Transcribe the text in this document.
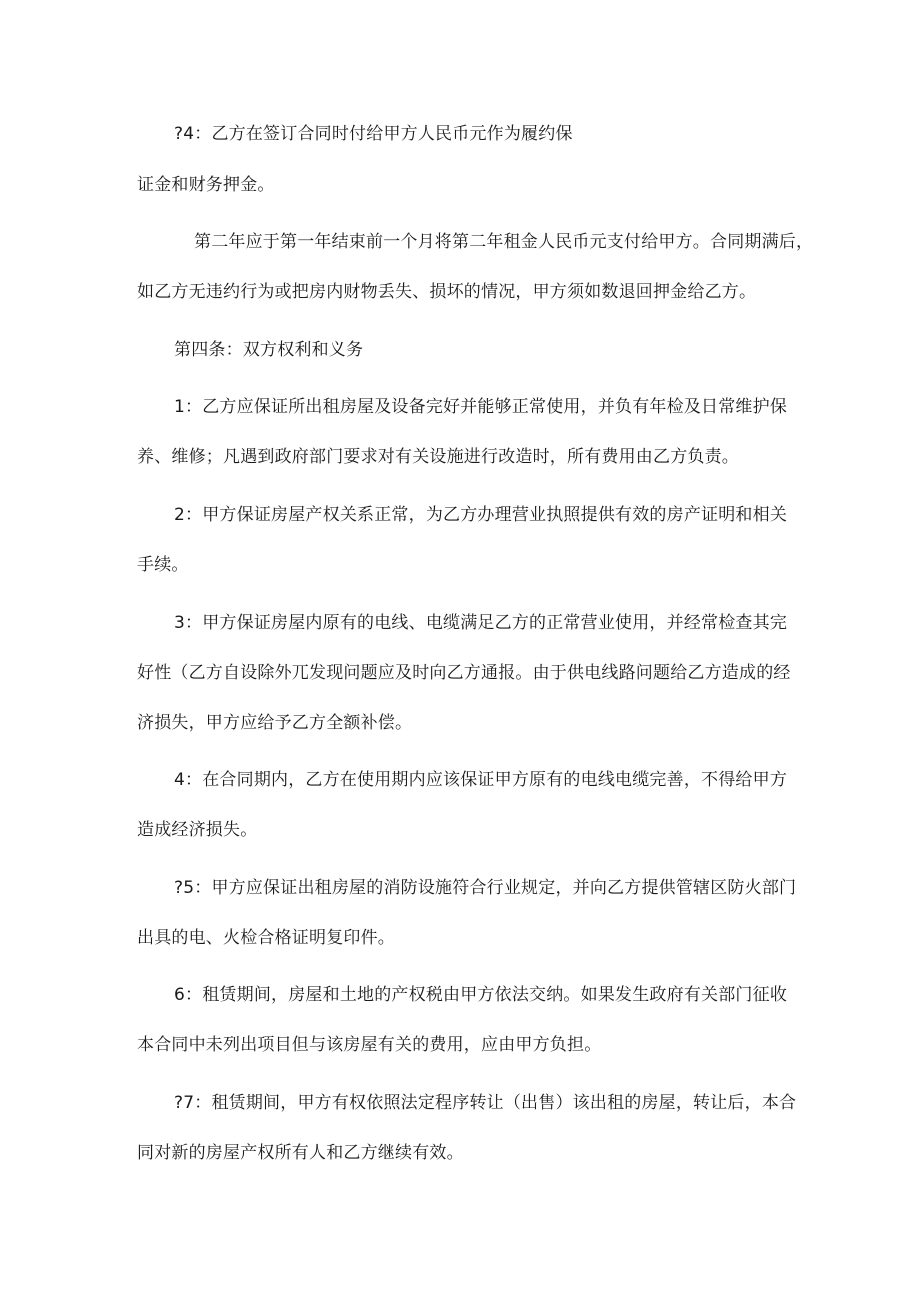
?4：乙方在签订合同时付给甲方人民币元作为履约保
证金和财务押金。
第二年应于第一年结束前一个月将第二年租金人民币元支付给甲方。合同期满后，
如乙方无违约行为或把房内财物丢失、损坏的情况，甲方须如数退回押金给乙方。
第四条：双方权利和义务
1：乙方应保证所出租房屋及设备完好并能够正常使用，并负有年检及日常维护保
养、维修；凡遇到政府部门要求对有关设施进行改造时，所有费用由乙方负责。
2：甲方保证房屋产权关系正常，为乙方办理营业执照提供有效的房产证明和相关
手续。
3：甲方保证房屋内原有的电线、电缆满足乙方的正常营业使用，并经常检查其完
好性（乙方自设除外兀发现问题应及时向乙方通报。由于供电线路问题给乙方造成的经
济损失，甲方应给予乙方全额补偿。
4：在合同期内，乙方在使用期内应该保证甲方原有的电线电缆完善，不得给甲方
造成经济损失。
?5：甲方应保证出租房屋的消防设施符合行业规定，并向乙方提供管辖区防火部门
出具的电、火检合格证明复印件。
6：租赁期间，房屋和土地的产权税由甲方依法交纳。如果发生政府有关部门征收
本合同中未列出项目但与该房屋有关的费用，应由甲方负担。
?7：租赁期间，甲方有权依照法定程序转让（出售）该出租的房屋，转让后，本合
同对新的房屋产权所有人和乙方继续有效。
